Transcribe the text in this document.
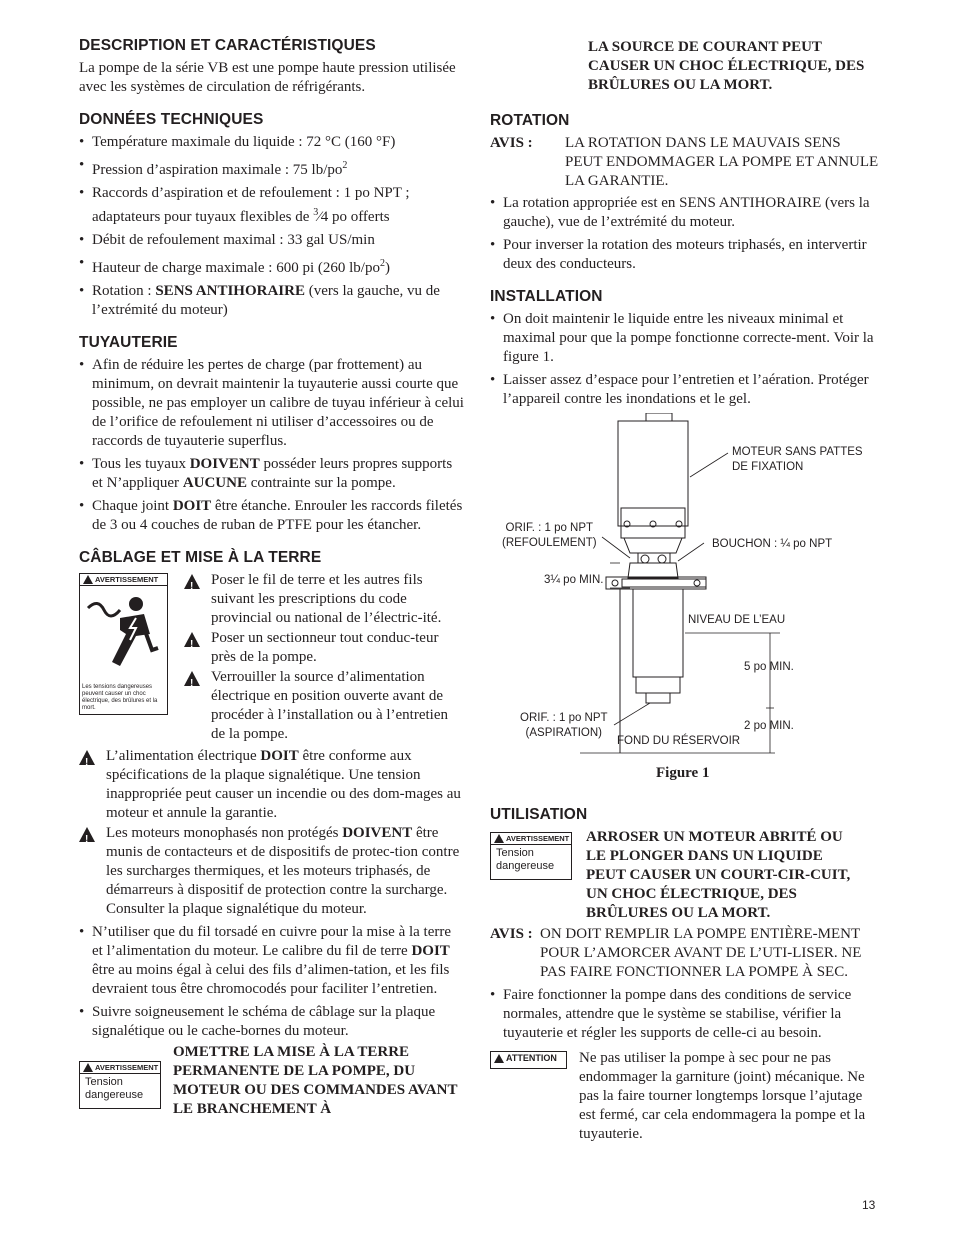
DESCRIPTION ET CARACTÉRISTIQUES

La pompe de la série VB est une pompe haute pression utilisée avec les systèmes de circulation de réfrigérants.

DONNÉES TECHNIQUES
• Température maximale du liquide : 72 °C (160 °F)
• Pression d’aspiration maximale : 75 $lb/po^2$
• Raccords d’aspiration et de refoulement : 1 po NPT ; adaptateurs pour tuyaux flexibles de $^3$⁄4 po offerts
• Débit de refoulement maximal : 33 gal US/min
• Hauteur de charge maximale : 600 pi (260 $lb/po^2$)
• Rotation : SENS ANTIHORAIRE (vers la gauche, vu de l’extrémité du moteur)
TUYAUTERIE
• Afin de réduire les pertes de charge (par frottement) au minimum, on devrait maintenir la tuyauterie aussi courte que possible, ne pas employer un calibre de tuyau inférieur à celui de l’orifice de refoulement ni utiliser d’accessoires ou de raccords de tuyauterie superflus.
• Tous les tuyaux DOIVENT posséder leurs propres supports et N’appliquer AUCUNE contrainte sur la pompe.
• Chaque joint DOIT être étanche. Enrouler les raccords filetés de 3 ou 4 couches de ruban de PTFE pour les étancher.
CÂBLAGE ET MISE À LA TERRE
AVERTISSEMENT
Les tensions dangereuses peuvent causer un choc électrique, des brûlures et la mort.
!
Poser le fil de terre et les autres fils suivant les prescriptions du code provincial ou national de l’électric-ité.
!
Poser un sectionneur tout conduc-teur près de la pompe.
!
Verrouiller la source d’alimentation électrique en position ouverte avant de procéder à l’installation ou à l’entretien de la pompe.
!
L’alimentation électrique DOIT être conforme aux spécifications de la plaque signalétique. Une tension inappropriée peut causer un incendie ou des dom-mages au moteur et annule la garantie.
!
Les moteurs monophasés non protégés DOIVENT être munis de contacteurs et de dispositifs de protec-tion contre les surcharges thermiques, et les moteurs triphasés, de démarreurs à dispositif de protection contre la surcharge. Consulter la plaque signalétique du moteur.
• N’utiliser que du fil torsadé en cuivre pour la mise à la terre et l’alimentation du moteur. Le calibre du fil de terre DOIT être au moins égal à celui des fils d’alimen-tation, et les fils devraient tous être chromocodés pour faciliter l’entretien.
• Suivre soigneusement le schéma de câblage sur la plaque signalétique ou le cache-bornes du moteur.
AVERTISSEMENT
Tension dangereuse

OMETTRE LA MISE À LA TERRE PERMANENTE DE LA POMPE, DU MOTEUR OU DES COMMANDES AVANT LE BRANCHEMENT À

LA SOURCE DE COURANT PEUT CAUSER UN CHOC ÉLECTRIQUE, DES BRÛLURES OU LA MORT.

ROTATION
AVIS :	LA ROTATION DANS LE MAUVAIS SENS PEUT ENDOMMAGER LA POMPE ET ANNULE LA GARANTIE.
• La rotation appropriée est en SENS ANTIHORAIRE (vers la gauche), vue de l’extrémité du moteur.
• Pour inverser la rotation des moteurs triphasés, en intervertir deux des conducteurs.
INSTALLATION
• On doit maintenir le liquide entre les niveaux minimal et maximal pour que la pompe fonctionne correcte-ment. Voir la figure 1.
• Laisser assez d’espace pour l’entretien et l’aération. Protéger l’appareil contre les inondations et le gel.
MOTEUR SANS PATTES
DE FIXATION
ORIF. : 1 po NPT
(REFOULEMENT)	BOUCHON : ¼ po NPT
3¼ po MIN.
NIVEAU DE L’EAU
5 po MIN.
ORIF. : 1 po NPT
(ASPIRATION)
2 po MIN.
FOND DU RÉSERVOIR
Figure 1
UTILISATION
AVERTISSEMENT
Tension dangereuse

ARROSER UN MOTEUR ABRITÉ OU LE PLONGER DANS UN LIQUIDE PEUT CAUSER UN COURT-CIR-CUIT, UN CHOC ÉLECTRIQUE, DES BRÛLURES OU LA MORT.

AVIS : ON DOIT REMPLIR LA POMPE ENTIÈRE-MENT POUR L’AMORCER AVANT DE L’UTI-LISER. NE PAS FAIRE FONCTIONNER LA POMPE À SEC.
• Faire fonctionner la pompe dans des conditions de service normales, attendre que le système se stabilise, vérifier la tuyauterie et régler les supports de celle-ci au besoin.
ATTENTION Ne pas utiliser la pompe à sec pour ne pas endommager la garniture (joint) mécanique. Ne pas la faire tourner longtemps lorsque l’ajutage est fermé, car cela endommagera la pompe et la tuyauterie.

13
